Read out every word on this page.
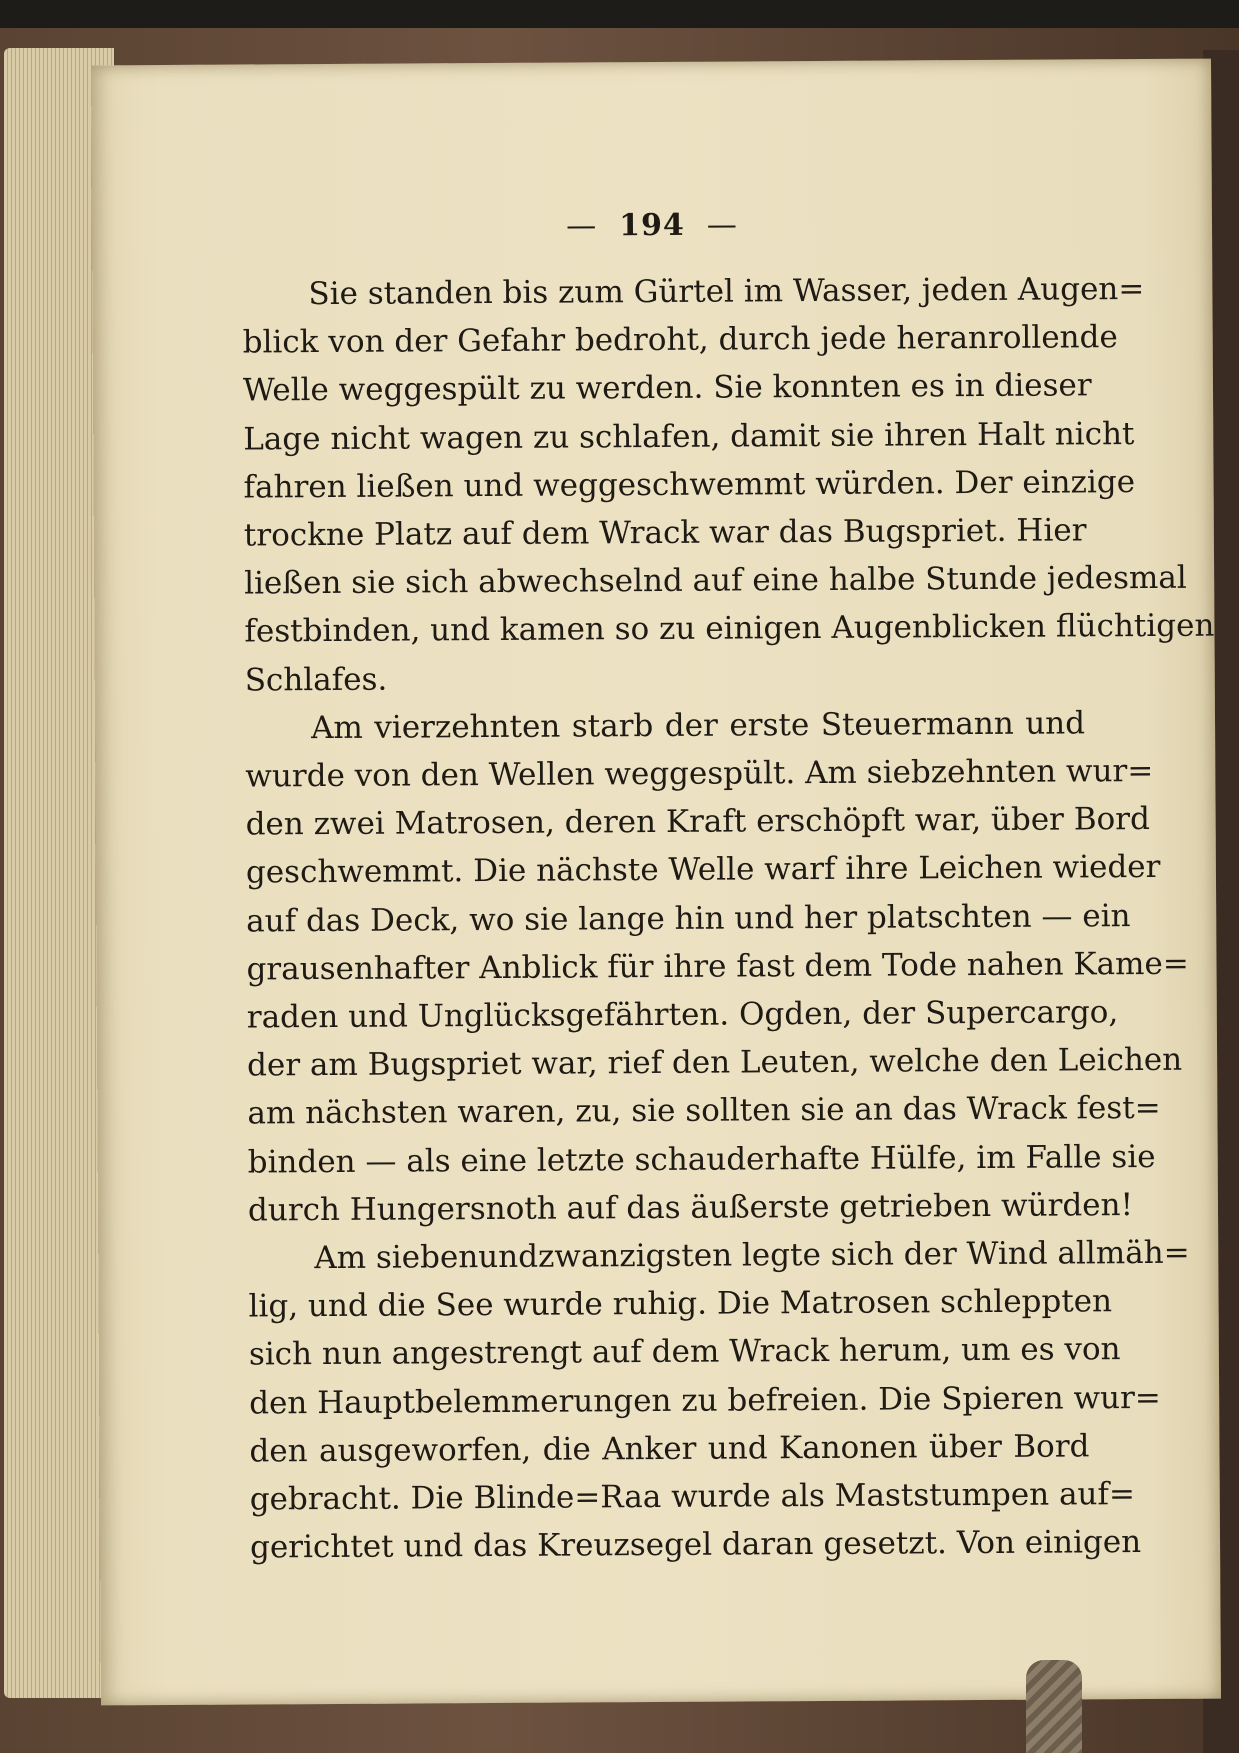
— 194 —
Sie standen bis zum Gürtel im Wasser, jeden Augen=
blick von der Gefahr bedroht, durch jede heranrollende
Welle weggespült zu werden. Sie konnten es in dieser
Lage nicht wagen zu schlafen, damit sie ihren Halt nicht
fahren ließen und weggeschwemmt würden. Der einzige
trockne Platz auf dem Wrack war das Bugspriet. Hier
ließen sie sich abwechselnd auf eine halbe Stunde jedesmal
festbinden, und kamen so zu einigen Augenblicken flüchtigen
Schlafes.
Am vierzehnten starb der erste Steuermann und
wurde von den Wellen weggespült. Am siebzehnten wur=
den zwei Matrosen, deren Kraft erschöpft war, über Bord
geschwemmt. Die nächste Welle warf ihre Leichen wieder
auf das Deck, wo sie lange hin und her platschten — ein
grausenhafter Anblick für ihre fast dem Tode nahen Kame=
raden und Unglücksgefährten. Ogden, der Supercargo,
der am Bugspriet war, rief den Leuten, welche den Leichen
am nächsten waren, zu, sie sollten sie an das Wrack fest=
binden — als eine letzte schauderhafte Hülfe, im Falle sie
durch Hungersnoth auf das äußerste getrieben würden!
Am siebenundzwanzigsten legte sich der Wind allmäh=
lig, und die See wurde ruhig. Die Matrosen schleppten
sich nun angestrengt auf dem Wrack herum, um es von
den Hauptbelemmerungen zu befreien. Die Spieren wur=
den ausgeworfen, die Anker und Kanonen über Bord
gebracht. Die Blinde=Raa wurde als Maststumpen auf=
gerichtet und das Kreuzsegel daran gesetzt. Von einigen
